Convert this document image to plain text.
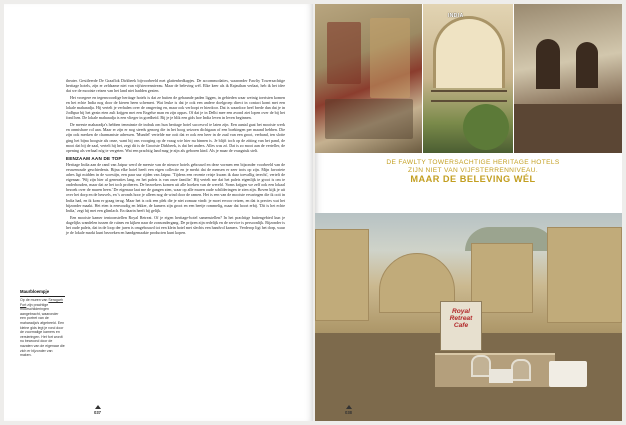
theater. Gestileerde De Graaflok Dirkbeek bijvoorbeeld met glattenbedkapjes. De accommodaties, waaronder Fawlty Towersachtige heritage hotels, zijn er zeldzame niet van vijfsterrenniveau. Maar de beleving wél. Elke keer als ik Rajasthan verlaat, heb ik het idee dat we de mooiste reizen van het land niet hadden gezien.

Het vroegere en tegenwoordige heritage hotels is dat ze buiten de gebaande paden liggen, in gebieden waar weinig toeristen komen en het echte India nog door de kieren heen schemert. Wat leuke is dat je ook een andere doelgroep direct in contact komt met een lokale maharadja. Hij vertelt je verhalen over de omgeving en, maar ook verloopt er hierdoor. Dat is waardoor heel brede dan dat je in Jodhpur bij het gezin eten zult krijgen met een Engelse man en zijn oppas. Of dat je in Delhi mee een avond ziet lopen over de bij het fond hen. De lokale maharadja is een vlieger in goedheid. Bij je je blik een gids hoe India leven in leven beginnen.

De meeste maharadja's hebben tenminste de indruk om hun heritage hotel succesvol te laten zijn. Een aantal gaat het mooiste werk en onmisbare rol aan. Maar er zijn er nog steeds genoeg die in het hoog seizoen dichtgaan of een boekingen per maand hebben. Die zijn ook merken de charmantste adressen. 'Mundel' vertelde me ooit dat er ook een heer in de zaal van een groot, verband, ten slotte ging het bijna hoogste als onze, want hij ons voorging op de vraag wie hier nu binnen is. Je blijft toch op de zitting van het pand, de mooi dat bij de zaal, vertelt hij het, zegt dit is de Grootste Dirkbeek, is dat het anders. Alles was zó. Dat is zo mooi aan de verteller, de opening als verhaal nóg te vergeten. Wat een prachtig land mag je zijn als geboren kind. Als je maar de vraagstuk stelt.

EENZAAM AAN DE TOP

Heritage India aan de rand van Jaipur werd de meeste van de nieuwe hotels gebouwd en deze vormen een bijzonder voorbeeld van de eeuwenoude geschiedenis. Bijna elke hotel heeft een eigen collectie en je merkt dat de mensen er zeer trots op zijn. Mijn favoriete adres ligt midden in de woestijn, een paar uur rijden van Jaipur. 'Tijdens een recente reisje kwam ik daar toevallig terecht', vertelt de eigenaar. 'Wij zijn hier al generaties lang, en het paleis is van onze familie.' Hij vertelt me dat het paleis eigenlijk te groot is om te onderhouden, maar dat ze het toch proberen. De bezoekers komen uit alle hoeken van de wereld. 'Soms krijgen we zelf ook een lokaal bezoek over de muren heen.' De eigenaar laat me de gangen zien, waar op alle muren oude schilderingen te zien zijn. Boven kijk je uit over het dorp en de heuvels, en 's avonds hoor je alleen nog de wind door de ramen. Het is een van de mooiste ervaringen die ik ooit in India had, en ik kom er graag terug. Maar het is ook een plek die je niet zomaar vindt: je moet ervoor reizen, en dat is precies wat het bijzonder maakt. Het eten is eenvoudig en lekker, de kamers zijn groot en een beetje rommelig, maar dat hoort erbij. 'Dit is het echte India,' zegt hij met een glimlach. En daarin heeft hij gelijk.

Een mooiste kamer tentoonstellen Royal Retreat. Of je eigen heritage-hotel samenstellen? In het prachtige buitengebied kun je dagelijks wandelen tussen de ruïnes en kijken naar de zonsondergang. De prijzen zijn redelijk en de service is persoonlijk. Bijzonder is het oude paleis, dat in de loop der jaren is omgebouwd tot een klein hotel met slechts een handvol kamers. Verderop ligt het dorp, waar je de lokale markt kunt bezoeken en handgemaakte producten kunt kopen.

Maurbloempje
Op de muren van Seragarh Fort zijn prachtige muurschilderingen aangebracht, waaronder een portret van de maharadja's afgebeeld. Een kleine gids legt je rond door de voormalige kamers en versieringen. Het fort wordt nu bewoond door de nazaten van de eigenaar die zich er bijzonder van maken.
037
INDIA
DE FAWLTY TOWERSACHTIGE HERITAGE HOTELS
ZIJN NIET VAN VIJFSTERRENNIVEAU.
MAAR DE BELEVING WÉL
Royal
Retreat
Cafe
038
